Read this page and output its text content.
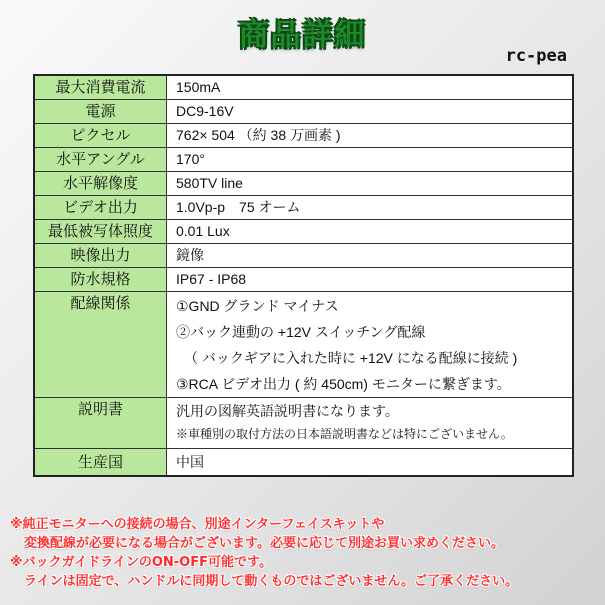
商品詳細
rc-pea
最大消費電流	150mA
電源	DC9-16V
ピクセル	762× 504 （約 38 万画素 )
水平アングル	170°
水平解像度	580TV line
ビデオ出力	1.0Vp-p　75 オーム
最低被写体照度	0.01 Lux
映像出力	鏡像
防水規格	IP67 - IP68
配線関係	①GND グランド マイナス
②バック連動の +12V スイッチング配線
（ バックギアに入れた時に +12V になる配線に接続 )
③RCA ビデオ出力 ( 約 450cm) モニターに繋ぎます。

説明書	汎用の図解英語説明書になります。
※車種別の取付方法の日本語説明書などは特にございません。

生産国	中国
※純正モニターへの接続の場合、別途インターフェイスキットや
変換配線が必要になる場合がございます。必要に応じて別途お買い求めください。
※バックガイドラインのON-OFF可能です。
ラインは固定で、ハンドルに同期して動くものではございません。ご了承ください。
